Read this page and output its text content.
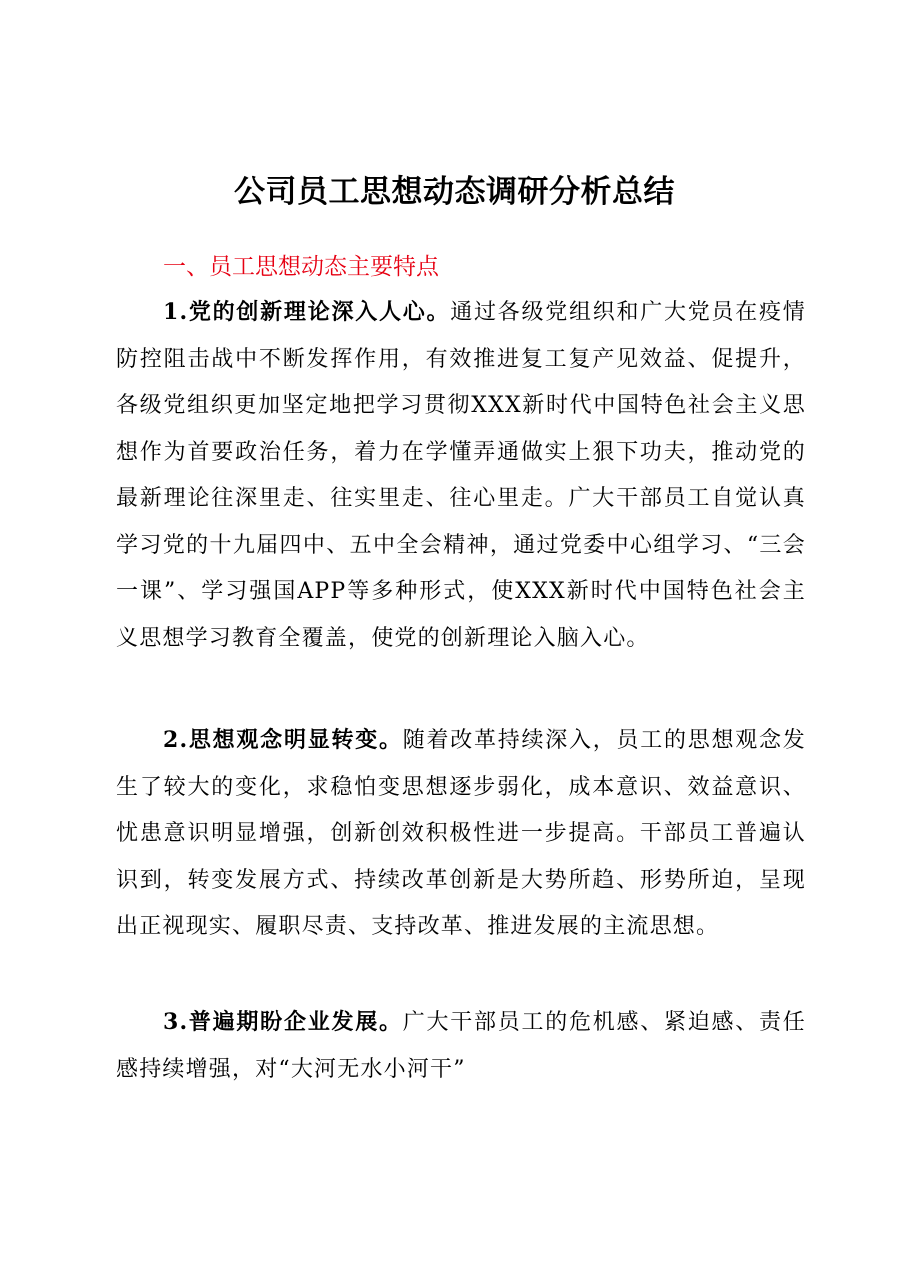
公司员工思想动态调研分析总结
一、员工思想动态主要特点

1.党的创新理论深入人心。通过各级党组织和广大党员在疫情防控阻击战中不断发挥作用，有效推进复工复产见效益、促提升，各级党组织更加坚定地把学习贯彻XXX新时代中国特色社会主义思想作为首要政治任务，着力在学懂弄通做实上狠下功夫，推动党的最新理论往深里走、往实里走、往心里走。广大干部员工自觉认真学习党的十九届四中、五中全会精神，通过党委中心组学习、“三会一课”、学习强国APP等多种形式，使XXX新时代中国特色社会主义思想学习教育全覆盖，使党的创新理论入脑入心。

2.思想观念明显转变。随着改革持续深入，员工的思想观念发生了较大的变化，求稳怕变思想逐步弱化，成本意识、效益意识、忧患意识明显增强，创新创效积极性进一步提高。干部员工普遍认识到，转变发展方式、持续改革创新是大势所趋、形势所迫，呈现出正视现实、履职尽责、支持改革、推进发展的主流思想。

3.普遍期盼企业发展。广大干部员工的危机感、紧迫感、责任感持续增强，对“大河无水小河干”
